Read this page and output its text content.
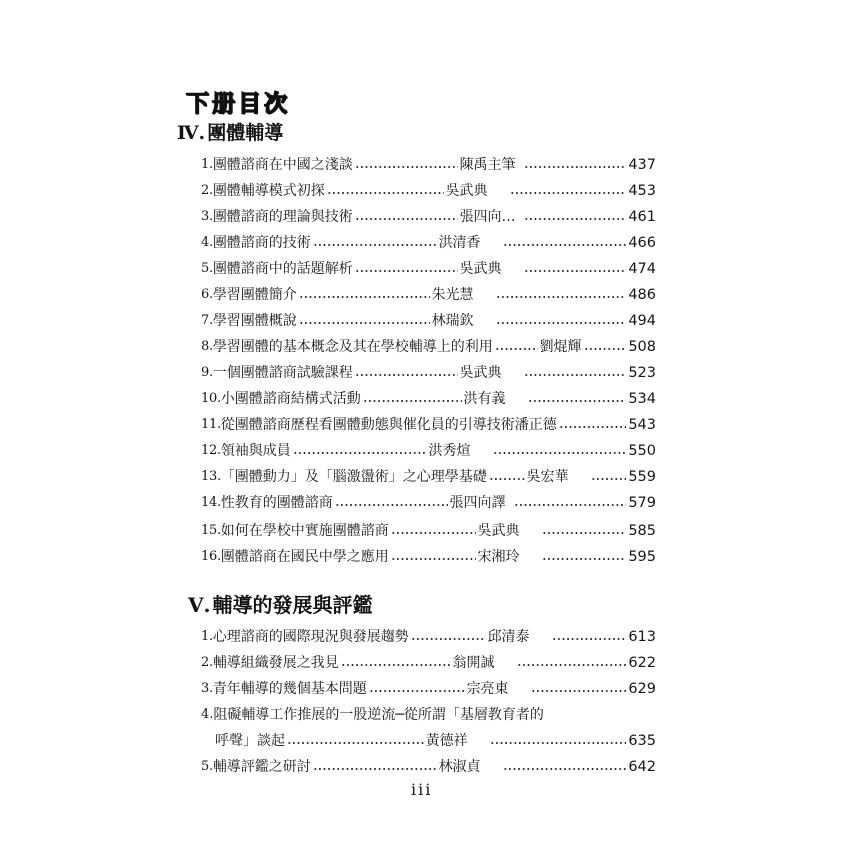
下册目次
Ⅳ. 團體輔導
1. 團體諮商在中國之淺談	陳禹主筆	437
2. 團體輔導模式初探	吳武典	453
3. 團體諮商的理論與技術	張四向…	461
4. 團體諮商的技術	洪清香	466
5. 團體諮商中的話題解析	吳武典	474
6. 學習團體簡介	朱光慧	486
7. 學習團體概說	林瑞欽	494
8. 學習團體的基本概念及其在學校輔導上的利用	劉焜輝	508
9. 一個團體諮商試驗課程	吳武典	523
10. 小團體諮商結構式活動	洪有義	534
11. 從團體諮商歷程看團體動態與催化員的引導技術 潘正德	543
12. 領袖與成員	洪秀煊	550
13. 「團體動力」及「腦激盪術」之心理學基礎	吳宏華	559
14. 性教育的團體諮商	張四向譯	579
15. 如何在學校中實施團體諮商	吳武典	585
16. 團體諮商在國民中學之應用	宋湘玲	595
Ⅴ. 輔導的發展與評鑑
1. 心理諮商的國際現況與發展趨勢	邱清泰	613
2. 輔導組織發展之我見	翁開誠	622
3. 青年輔導的幾個基本問題	宗亮東	629
4. 阻礙輔導工作推展的一股逆流─從所謂「基層教育者的
呼聲」談起	黃德祥	635
5. 輔導評鑑之研討	林淑貞	642
iii
